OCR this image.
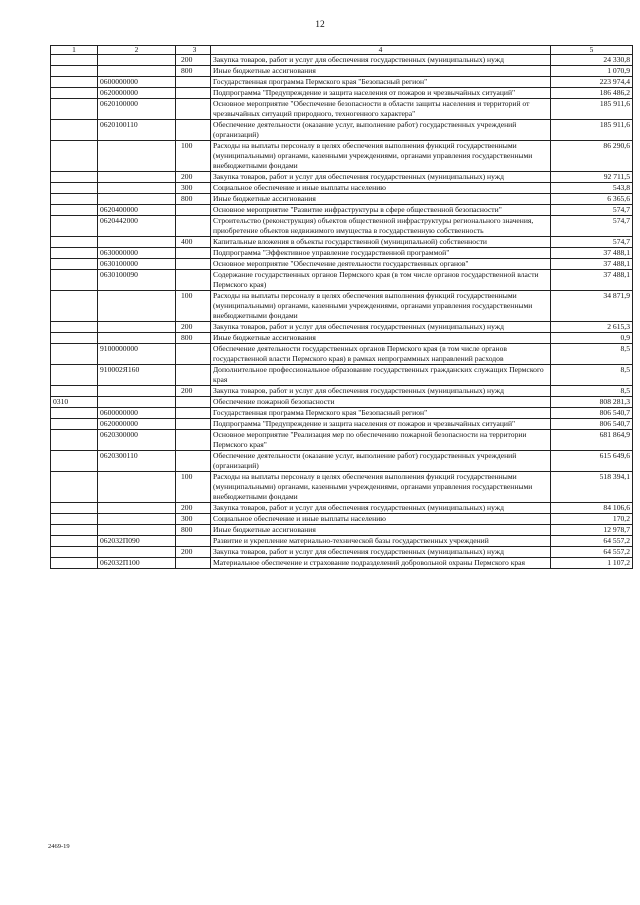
12
1	2	3	4	5
		200	Закупка товаров, работ и услуг для обеспечения государственных (муниципальных) нужд	24 330,8
		800	Иные бюджетные ассигнования	1 070,9
	0600000000		Государственная программа Пермского края "Безопасный регион"	223 974,4
	0620000000		Подпрограмма "Предупреждение и защита населения от пожаров и чрезвычайных ситуаций"	186 486,2
	0620100000		Основное мероприятие "Обеспечение безопасности в области защиты населения и территорий от чрезвычайных ситуаций природного, техногенного характера"	185 911,6
	0620100110		Обеспечение деятельности (оказание услуг, выполнение работ) государственных учреждений (организаций)	185 911,6
		100	Расходы на выплаты персоналу в целях обеспечения выполнения функций государственными (муниципальными) органами, казенными учреждениями, органами управления государственными внебюджетными фондами	86 290,6
		200	Закупка товаров, работ и услуг для обеспечения государственных (муниципальных) нужд	92 711,5
		300	Социальное обеспечение и иные выплаты населению	543,8
		800	Иные бюджетные ассигнования	6 365,6
	0620400000		Основное мероприятие "Развитие инфраструктуры в сфере общественной безопасности"	574,7
	0620442000		Строительство (реконструкция) объектов общественной инфраструктуры регионального значения, приобретение объектов недвижимого имущества в государственную собственность	574,7
		400	Капитальные вложения в объекты государственной (муниципальной) собственности	574,7
	0630000000		Подпрограмма "Эффективное управление государственной программой"	37 488,1
	0630100000		Основное мероприятие "Обеспечение деятельности государственных органов"	37 488,1
	0630100090		Содержание государственных органов Пермского края (в том числе органов государственной власти Пермского края)	37 488,1
		100	Расходы на выплаты персоналу в целях обеспечения выполнения функций государственными (муниципальными) органами, казенными учреждениями, органами управления государственными внебюджетными фондами	34 871,9
		200	Закупка товаров, работ и услуг для обеспечения государственных (муниципальных) нужд	2 615,3
		800	Иные бюджетные ассигнования	0,9
	9100000000		Обеспечение деятельности государственных органов Пермского края (в том числе органов государственной власти Пермского края) в рамках непрограммных направлений расходов	8,5
	910002Я160		Дополнительное профессиональное образование государственных гражданских служащих Пермского края	8,5
		200	Закупка товаров, работ и услуг для обеспечения государственных (муниципальных) нужд	8,5
0310			Обеспечение пожарной безопасности	808 281,3
	0600000000		Государственная программа Пермского края "Безопасный регион"	806 540,7
	0620000000		Подпрограмма "Предупреждение и защита населения от пожаров и чрезвычайных ситуаций"	806 540,7
	0620300000		Основное мероприятие "Реализация мер по обеспечению пожарной безопасности на территории Пермского края"	681 864,9
	0620300110		Обеспечение деятельности (оказание услуг, выполнение работ) государственных учреждений (организаций)	615 649,6
		100	Расходы на выплаты персоналу в целях обеспечения выполнения функций государственными (муниципальными) органами, казенными учреждениями, органами управления государственными внебюджетными фондами	518 394,1
		200	Закупка товаров, работ и услуг для обеспечения государственных (муниципальных) нужд	84 106,6
		300	Социальное обеспечение и иные выплаты населению	170,2
		800	Иные бюджетные ассигнования	12 978,7
	062032П090		Развитие и укрепление материально-технической базы государственных учреждений	64 557,2
		200	Закупка товаров, работ и услуг для обеспечения государственных (муниципальных) нужд	64 557,2
	062032П100		Материальное обеспечение и страхование подразделений добровольной охраны Пермского края	1 107,2
2469-19
